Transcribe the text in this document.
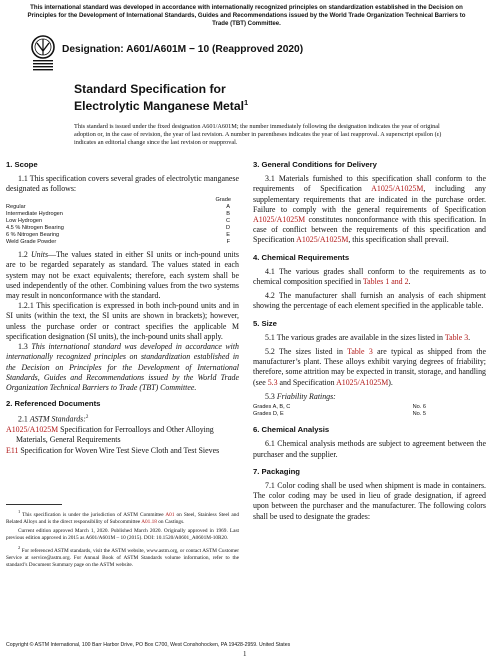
This international standard was developed in accordance with internationally recognized principles on standardization established in the Decision on Principles for the Development of International Standards, Guides and Recommendations issued by the World Trade Organization Technical Barriers to Trade (TBT) Committee.
Designation: A601/A601M − 10 (Reapproved 2020)
Standard Specification for
Electrolytic Manganese Metal$^1$
This standard is issued under the fixed designation A601/A601M; the number immediately following the designation indicates the year of original adoption or, in the case of revision, the year of last revision. A number in parentheses indicates the year of last reapproval. A superscript epsilon (ε) indicates an editorial change since the last revision or reapproval.

1. Scope

1.1 This specification covers several grades of electrolytic manganese designated as follows:

Grade
Regular	A
Intermediate Hydrogen	B
Low Hydrogen	C
4.5 % Nitrogen Bearing	D
6 % Nitrogen Bearing	E
Weld Grade Powder	F

1.2 Units—The values stated in either SI units or inch-pound units are to be regarded separately as standard. The values stated in each system may not be exact equivalents; therefore, each system shall be used independently of the other. Combining values from the two systems may result in nonconformance with the standard.

1.2.1 This specification is expressed in both inch-pound units and in SI units (within the text, the SI units are shown in brackets); however, unless the purchase order or contract specifies the applicable M specification designation (SI units), the inch-pound units shall apply.

1.3 This international standard was developed in accordance with internationally recognized principles on standardization established in the Decision on Principles for the Development of International Standards, Guides and Recommendations issued by the World Trade Organization Technical Barriers to Trade (TBT) Committee.

2. Referenced Documents

2.1 ASTM Standards:$^2$

A1025/A1025M Specification for Ferroalloys and Other Alloying Materials, General Requirements

E11 Specification for Woven Wire Test Sieve Cloth and Test Sieves

$^1$ This specification is under the jurisdiction of ASTM Committee A01 on Steel, Stainless Steel and Related Alloys and is the direct responsibility of Subcommittee A01.18 on Castings.

Current edition approved March 1, 2020. Published March 2020. Originally approved in 1969. Last previous edition approved in 2015 as A601/A601M – 10 (2015). DOI: 10.1520/A0601_A0601M-10R20.

$^2$ For referenced ASTM standards, visit the ASTM website, www.astm.org, or contact ASTM Customer Service at service@astm.org. For Annual Book of ASTM Standards volume information, refer to the standard’s Document Summary page on the ASTM website.

3. General Conditions for Delivery

3.1 Materials furnished to this specification shall conform to the requirements of Specification A1025/A1025M, including any supplementary requirements that are indicated in the purchase order. Failure to comply with the general requirements of Specification A1025/A1025M constitutes nonconformance with this specification. In case of conflict between the requirements of this specification and Specification A1025/A1025M, this specification shall prevail.

4. Chemical Requirements

4.1 The various grades shall conform to the requirements as to chemical composition specified in Tables 1 and 2.

4.2 The manufacturer shall furnish an analysis of each shipment showing the percentage of each element specified in the applicable table.

5. Size

5.1 The various grades are available in the sizes listed in Table 3.

5.2 The sizes listed in Table 3 are typical as shipped from the manufacturer’s plant. These alloys exhibit varying degrees of friability; therefore, some attrition may be expected in transit, storage, and handling (see 5.3 and Specification A1025/A1025M).

5.3 Friability Ratings:

Grades A, B, C	No. 6
Grades D, E	No. 5

6. Chemical Analysis

6.1 Chemical analysis methods are subject to agreement between the purchaser and the supplier.

7. Packaging

7.1 Color coding shall be used when shipment is made in containers. The color coding may be used in lieu of grade designation, if agreed upon between the purchaser and the manufacturer. The following colors shall be used to designate the grades:

Copyright © ASTM International, 100 Barr Harbor Drive, PO Box C700, West Conshohocken, PA 19428-2959. United States
1
